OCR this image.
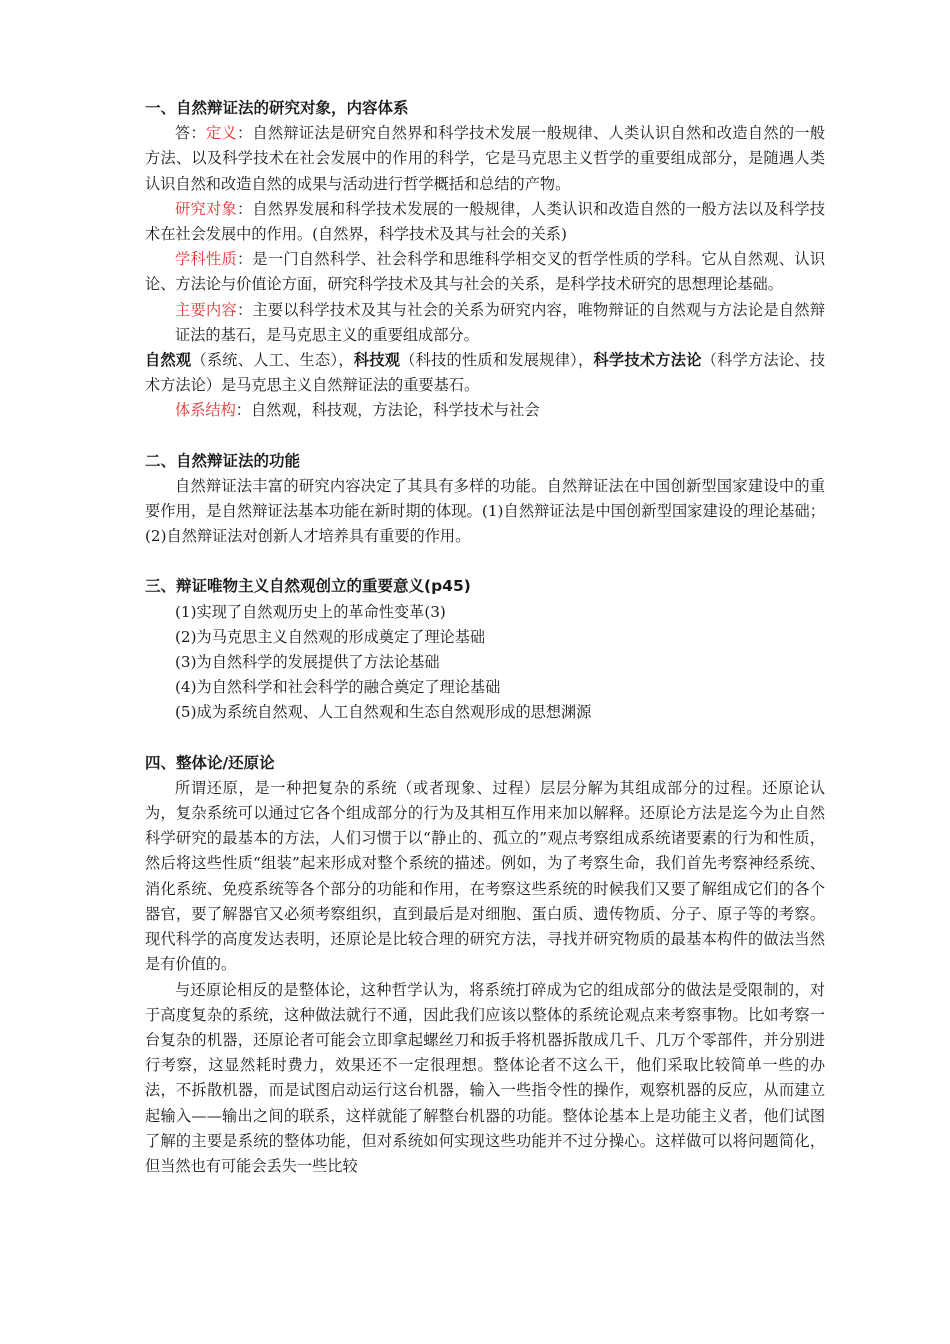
一、自然辩证法的研究对象，内容体系

答：定义：自然辩证法是研究自然界和科学技术发展一般规律、人类认识自然和改造自然的一般方法、以及科学技术在社会发展中的作用的科学，它是马克思主义哲学的重要组成部分，是随遇人类认识自然和改造自然的成果与活动进行哲学概括和总结的产物。

研究对象：自然界发展和科学技术发展的一般规律，人类认识和改造自然的一般方法以及科学技术在社会发展中的作用。(自然界，科学技术及其与社会的关系)

学科性质：是一门自然科学、社会科学和思维科学相交叉的哲学性质的学科。它从自然观、认识论、方法论与价值论方面，研究科学技术及其与社会的关系，是科学技术研究的思想理论基础。

主要内容：主要以科学技术及其与社会的关系为研究内容，唯物辩证的自然观与方法论是自然辩证法的基石，是马克思主义的重要组成部分。

自然观（系统、人工、生态），科技观（科技的性质和发展规律），科学技术方法论（科学方法论、技术方法论）是马克思主义自然辩证法的重要基石。

体系结构：自然观，科技观，方法论，科学技术与社会

二、自然辩证法的功能

自然辩证法丰富的研究内容决定了其具有多样的功能。自然辩证法在中国创新型国家建设中的重要作用，是自然辩证法基本功能在新时期的体现。(1)自然辩证法是中国创新型国家建设的理论基础；(2)自然辩证法对创新人才培养具有重要的作用。

三、辩证唯物主义自然观创立的重要意义(p45)

(1)实现了自然观历史上的革命性变革(3)
(2)为马克思主义自然观的形成奠定了理论基础
(3)为自然科学的发展提供了方法论基础
(4)为自然科学和社会科学的融合奠定了理论基础
(5)成为系统自然观、人工自然观和生态自然观形成的思想渊源

四、整体论/还原论

所谓还原，是一种把复杂的系统（或者现象、过程）层层分解为其组成部分的过程。还原论认为，复杂系统可以通过它各个组成部分的行为及其相互作用来加以解释。还原论方法是迄今为止自然科学研究的最基本的方法，人们习惯于以“静止的、孤立的”观点考察组成系统诸要素的行为和性质，然后将这些性质“组装”起来形成对整个系统的描述。例如，为了考察生命，我们首先考察神经系统、消化系统、免疫系统等各个部分的功能和作用，在考察这些系统的时候我们又要了解组成它们的各个器官，要了解器官又必须考察组织，直到最后是对细胞、蛋白质、遗传物质、分子、原子等的考察。现代科学的高度发达表明，还原论是比较合理的研究方法，寻找并研究物质的最基本构件的做法当然是有价值的。

与还原论相反的是整体论，这种哲学认为，将系统打碎成为它的组成部分的做法是受限制的，对于高度复杂的系统，这种做法就行不通，因此我们应该以整体的系统论观点来考察事物。比如考察一台复杂的机器，还原论者可能会立即拿起螺丝刀和扳手将机器拆散成几千、几万个零部件，并分别进行考察，这显然耗时费力，效果还不一定很理想。整体论者不这么干，他们采取比较简单一些的办法，不拆散机器，而是试图启动运行这台机器，输入一些指令性的操作，观察机器的反应，从而建立起输入——输出之间的联系，这样就能了解整台机器的功能。整体论基本上是功能主义者，他们试图了解的主要是系统的整体功能，但对系统如何实现这些功能并不过分操心。这样做可以将问题简化，但当然也有可能会丢失一些比较
